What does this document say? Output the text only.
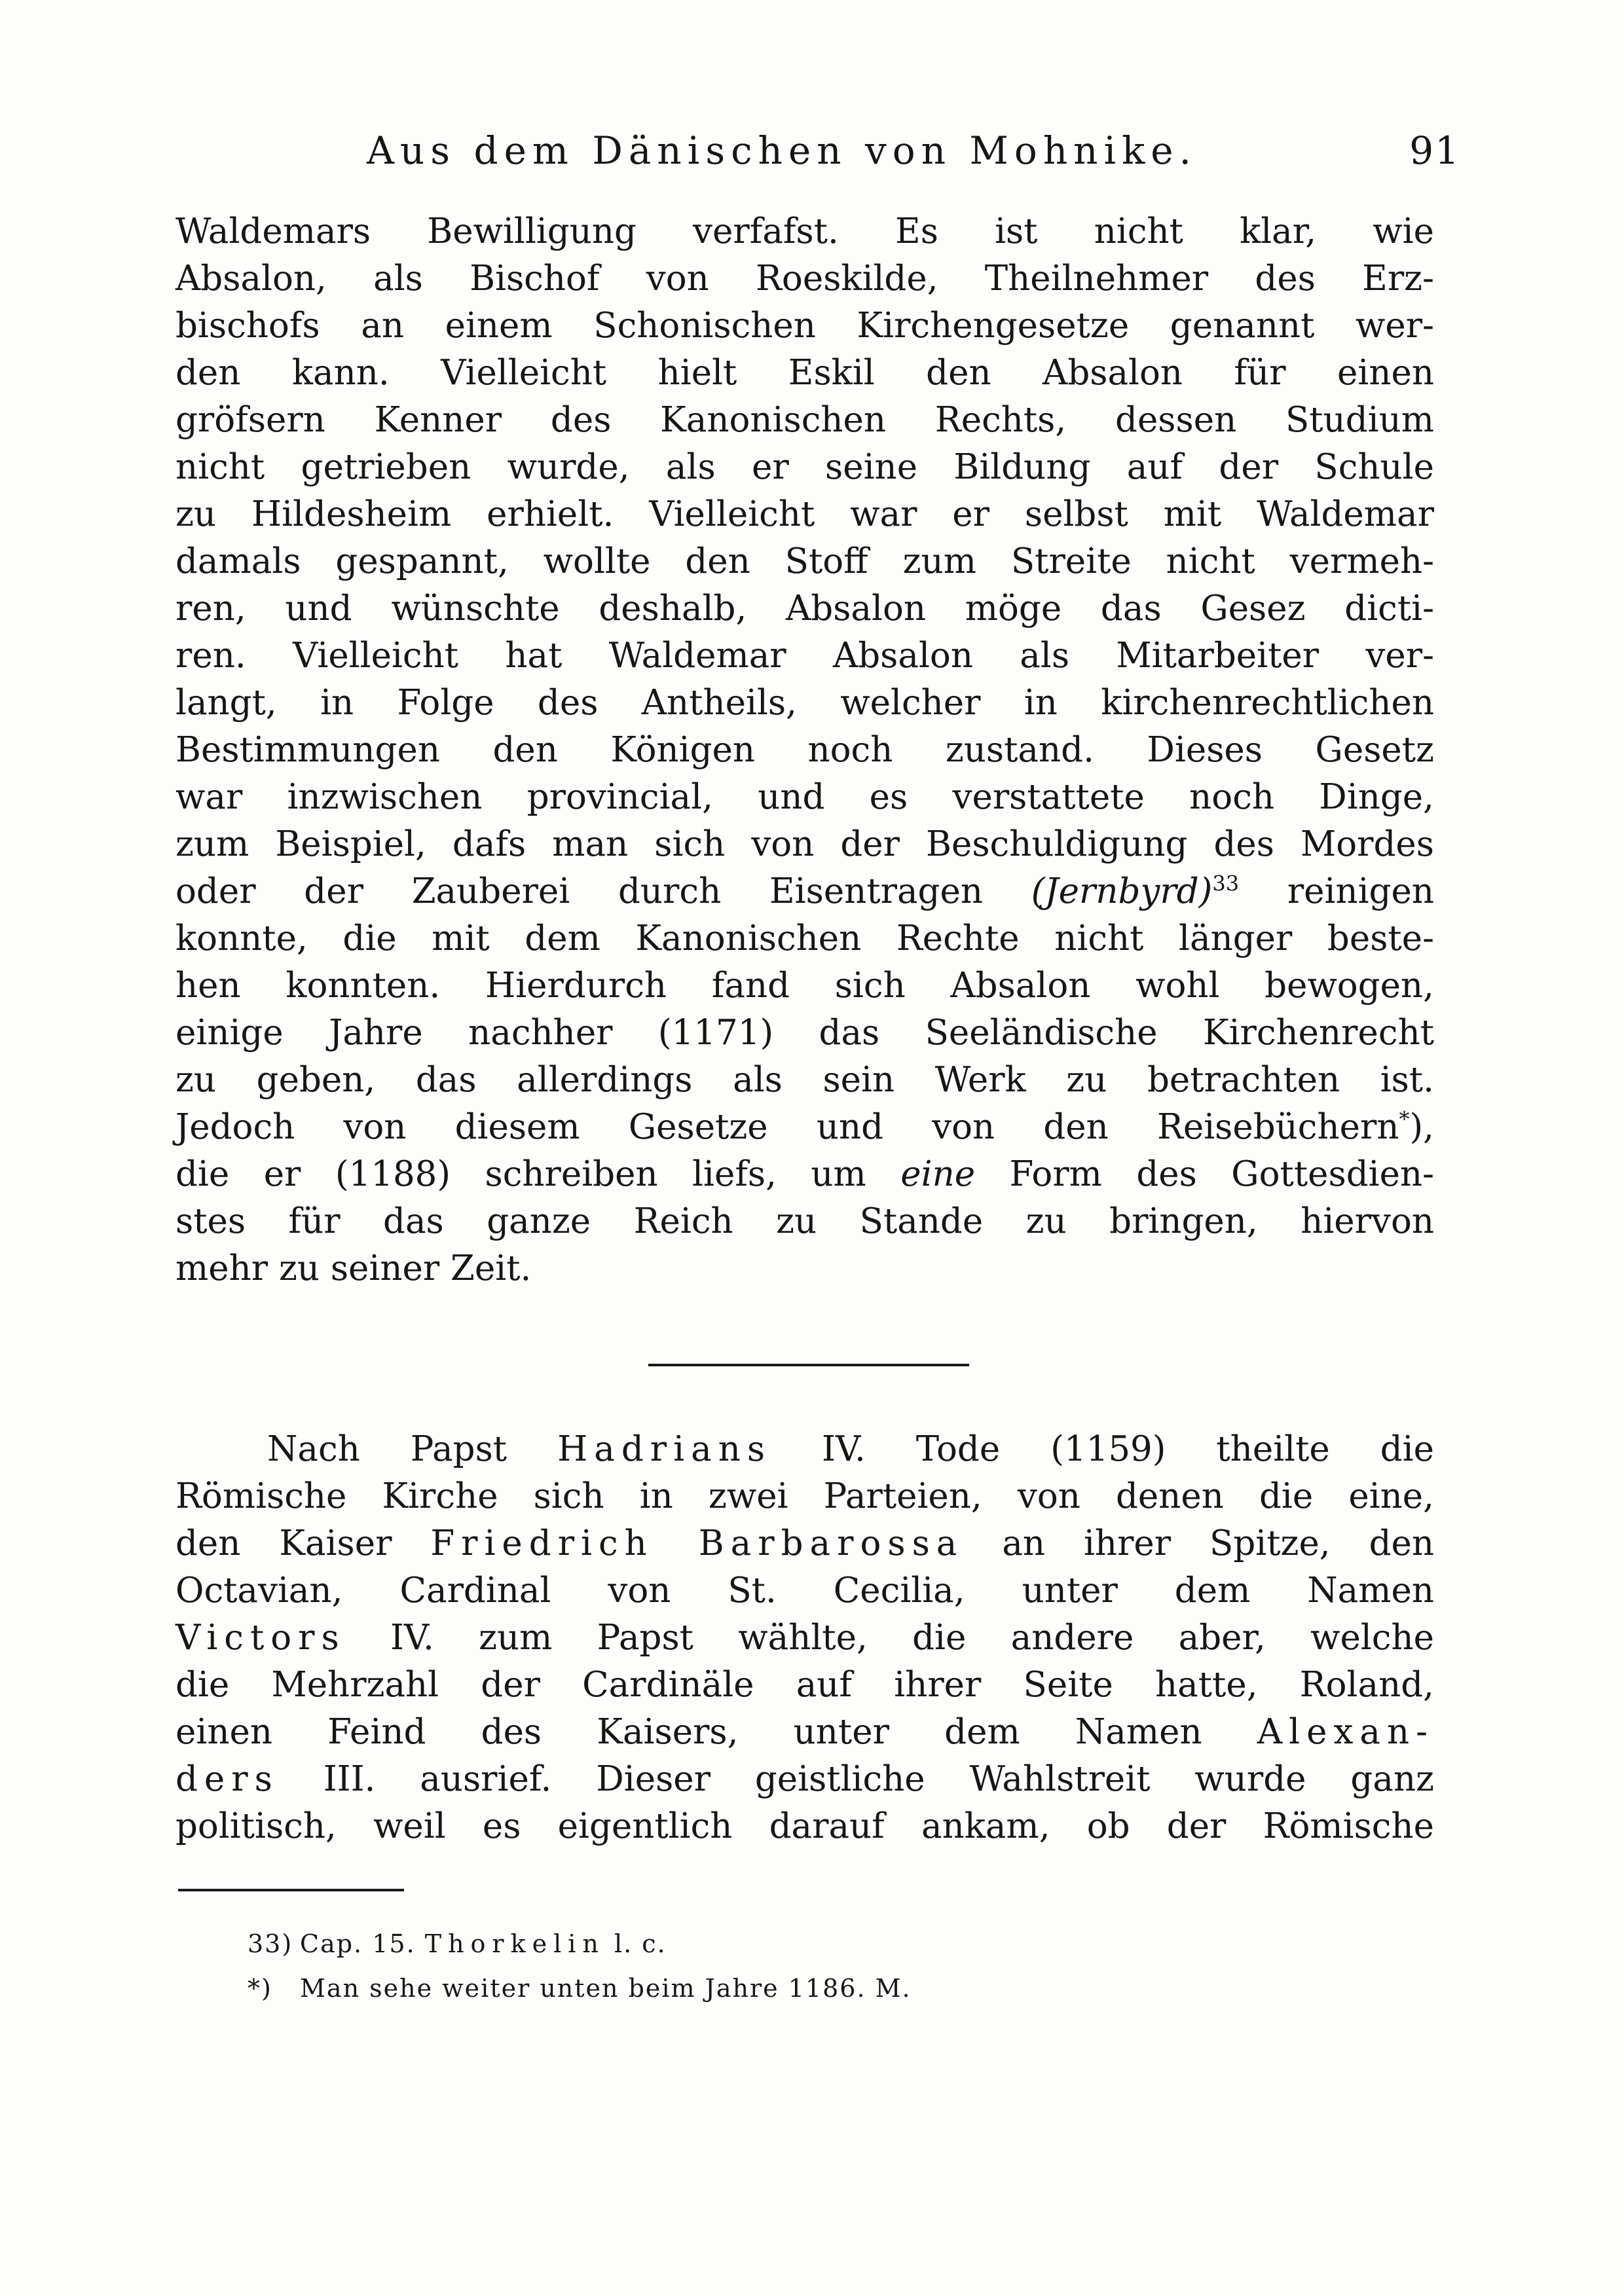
Aus dem Dänischen von Mohnike.	91
Waldemars Bewilligung verfafst. Es ist nicht klar, wie
Absalon, als Bischof von Roeskilde, Theilnehmer des Erz-
bischofs an einem Schonischen Kirchengesetze genannt wer-
den kann. Vielleicht hielt Eskil den Absalon für einen
gröfsern Kenner des Kanonischen Rechts, dessen Studium
nicht getrieben wurde, als er seine Bildung auf der Schule
zu Hildesheim erhielt. Vielleicht war er selbst mit Waldemar
damals gespannt, wollte den Stoff zum Streite nicht vermeh-
ren, und wünschte deshalb, Absalon möge das Gesez dicti-
ren. Vielleicht hat Waldemar Absalon als Mitarbeiter ver-
langt, in Folge des Antheils, welcher in kirchenrechtlichen
Bestimmungen den Königen noch zustand. Dieses Gesetz
war inzwischen provincial, und es verstattete noch Dinge,
zum Beispiel, dafs man sich von der Beschuldigung des Mordes
oder der Zauberei durch Eisentragen (Jernbyrd)$^{33}$ reinigen
konnte, die mit dem Kanonischen Rechte nicht länger beste-
hen konnten. Hierdurch fand sich Absalon wohl bewogen,
einige Jahre nachher (1171) das Seeländische Kirchenrecht
zu geben, das allerdings als sein Werk zu betrachten ist.
Jedoch von diesem Gesetze und von den Reisebüchern*),
die er (1188) schreiben liefs, um eine Form des Gottesdien-
stes für das ganze Reich zu Stande zu bringen, hiervon
mehr zu seiner Zeit.
Nach Papst Hadrians IV. Tode (1159) theilte die
Römische Kirche sich in zwei Parteien, von denen die eine,
den Kaiser Friedrich Barbarossa an ihrer Spitze, den
Octavian, Cardinal von St. Cecilia, unter dem Namen
Victors IV. zum Papst wählte, die andere aber, welche
die Mehrzahl der Cardinäle auf ihrer Seite hatte, Roland,
einen Feind des Kaisers, unter dem Namen Alexan-
ders III. ausrief. Dieser geistliche Wahlstreit wurde ganz
politisch, weil es eigentlich darauf ankam, ob der Römische
33) Cap. 15. Thorkelin l. c.
*) Man sehe weiter unten beim Jahre 1186. M.
